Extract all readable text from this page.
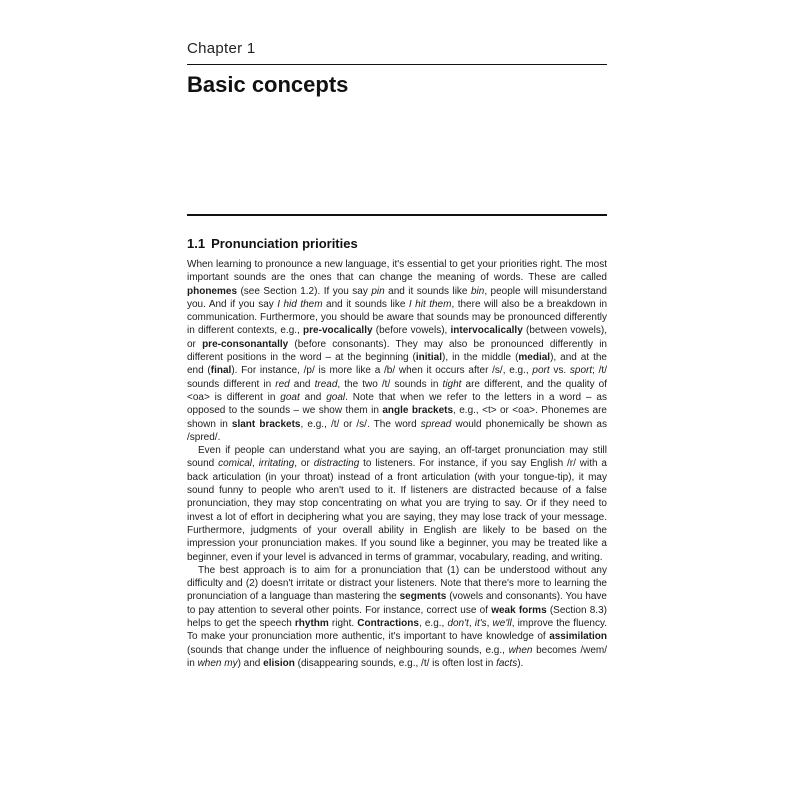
Chapter 1
Basic concepts
1.1 Pronunciation priorities

When learning to pronounce a new language, it's essential to get your priorities right. The most important sounds are the ones that can change the meaning of words. These are called phonemes (see Section 1.2). If you say pin and it sounds like bin, people will misunderstand you. And if you say I hid them and it sounds like I hit them, there will also be a breakdown in communication. Furthermore, you should be aware that sounds may be pronounced differently in different contexts, e.g., pre-vocalically (before vowels), intervocalically (between vowels), or pre-consonantally (before consonants). They may also be pronounced differently in different positions in the word – at the beginning (initial), in the middle (medial), and at the end (final). For instance, /p/ is more like a /b/ when it occurs after /s/, e.g., port vs. sport; /t/ sounds different in red and tread, the two /t/ sounds in tight are different, and the quality of <oa> is different in goat and goal. Note that when we refer to the letters in a word – as opposed to the sounds – we show them in angle brackets, e.g., <t> or <oa>. Phonemes are shown in slant brackets, e.g., /t/ or /s/. The word spread would phonemically be shown as /spred/.

Even if people can understand what you are saying, an off-target pronunciation may still sound comical, irritating, or distracting to listeners. For instance, if you say English /r/ with a back articulation (in your throat) instead of a front articulation (with your tongue-tip), it may sound funny to people who aren't used to it. If listeners are distracted because of a false pronunciation, they may stop concentrating on what you are trying to say. Or if they need to invest a lot of effort in deciphering what you are saying, they may lose track of your message. Furthermore, judgments of your overall ability in English are likely to be based on the impression your pronunciation makes. If you sound like a beginner, you may be treated like a beginner, even if your level is advanced in terms of grammar, vocabulary, reading, and writing.

The best approach is to aim for a pronunciation that (1) can be understood without any difficulty and (2) doesn't irritate or distract your listeners. Note that there's more to learning the pronunciation of a language than mastering the segments (vowels and consonants). You have to pay attention to several other points. For instance, correct use of weak forms (Section 8.3) helps to get the speech rhythm right. Contractions, e.g., don't, it's, we'll, improve the fluency. To make your pronunciation more authentic, it's important to have knowledge of assimilation (sounds that change under the influence of neighbouring sounds, e.g., when becomes /wem/ in when my) and elision (disappearing sounds, e.g., /t/ is often lost in facts).
